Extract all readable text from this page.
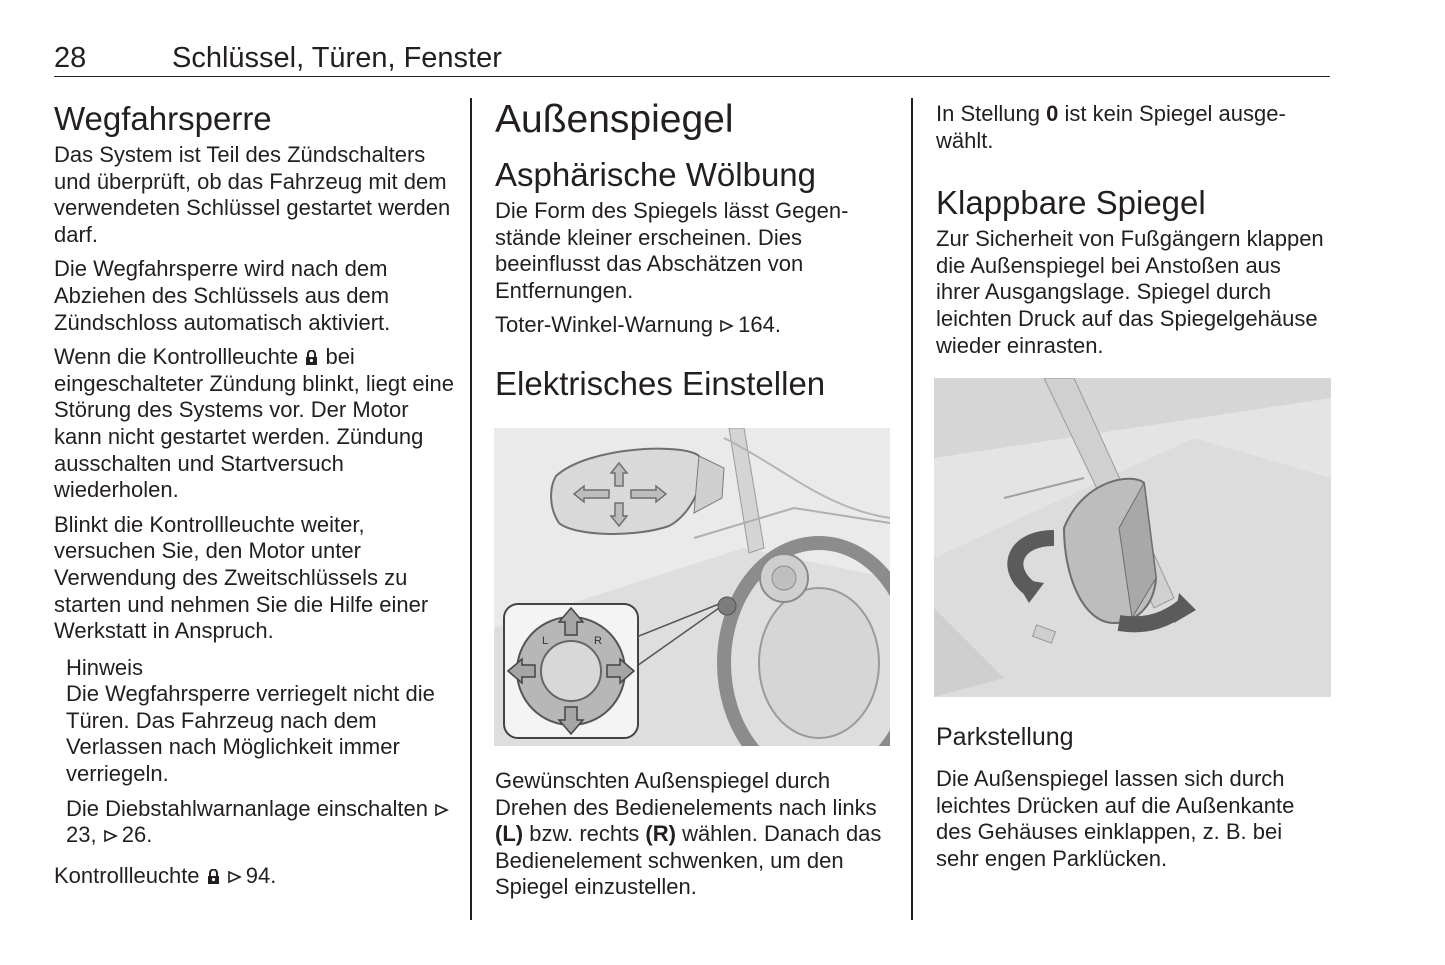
28	Schlüssel, Türen, Fenster
Wegfahrsperre

Das System ist Teil des Zündschalters und überprüft, ob das Fahrzeug mit dem verwendeten Schlüssel gestartet werden darf.

Die Wegfahrsperre wird nach dem Abziehen des Schlüssels aus dem Zündschloss automatisch aktiviert.

Wenn die Kontrollleuchte bei eingeschalteter Zündung blinkt, liegt eine Störung des Systems vor. Der Motor kann nicht gestartet werden. Zündung ausschalten und Startversuch wiederholen.

Blinkt die Kontrollleuchte weiter, versuchen Sie, den Motor unter Verwendung des Zweitschlüssels zu starten und nehmen Sie die Hilfe einer Werkstatt in Anspruch.

Hinweis

Die Wegfahrsperre verriegelt nicht die Türen. Das Fahrzeug nach dem Verlassen nach Möglichkeit immer verriegeln.

Die Diebstahlwarnanlage einschalten
23, 26.

Kontrollleuchte
94.

Außenspiegel
Asphärische Wölbung

Die Form des Spiegels lässt Gegenstände kleiner erscheinen. Dies beeinflusst das Abschätzen von Entfernungen.

Toter-Winkel-Warnung 164.

Elektrisches Einstellen
L	R

Gewünschten Außenspiegel durch Drehen des Bedienelements nach links (L) bzw. rechts (R) wählen. Danach das Bedienelement schwenken, um den Spiegel einzustellen.

In Stellung 0 ist kein Spiegel ausgewählt.

Klappbare Spiegel

Zur Sicherheit von Fußgängern klappen die Außenspiegel bei Anstoßen aus ihrer Ausgangslage. Spiegel durch leichten Druck auf das Spiegelgehäuse wieder einrasten.

Parkstellung

Die Außenspiegel lassen sich durch leichtes Drücken auf die Außenkante des Gehäuses einklappen, z. B. bei sehr engen Parklücken.
